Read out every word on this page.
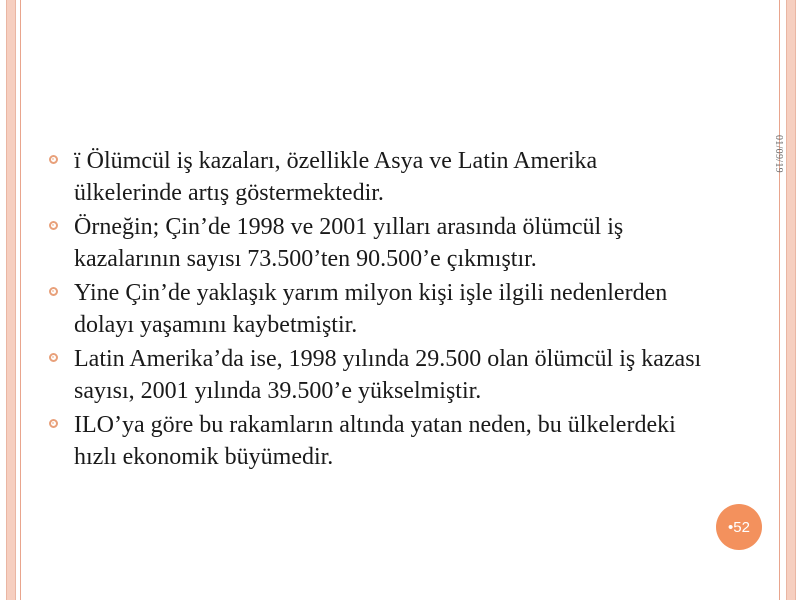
01/09/19
ï Ölümcül iş kazaları, özellikle Asya ve Latin Amerika ülkelerinde artış göstermektedir.
Örneğin; Çin’de 1998 ve 2001 yılları arasında ölümcül iş kazalarının sayısı 73.500’ten 90.500’e çıkmıştır.
Yine Çin’de yaklaşık yarım milyon kişi işle ilgili nedenlerden dolayı yaşamını kaybetmiştir.
Latin Amerika’da ise, 1998 yılında 29.500 olan ölümcül iş kazası sayısı, 2001 yılında 39.500’e yükselmiştir.
ILO’ya göre bu rakamların altında yatan neden, bu ülkelerdeki hızlı ekonomik büyümedir.
•52
